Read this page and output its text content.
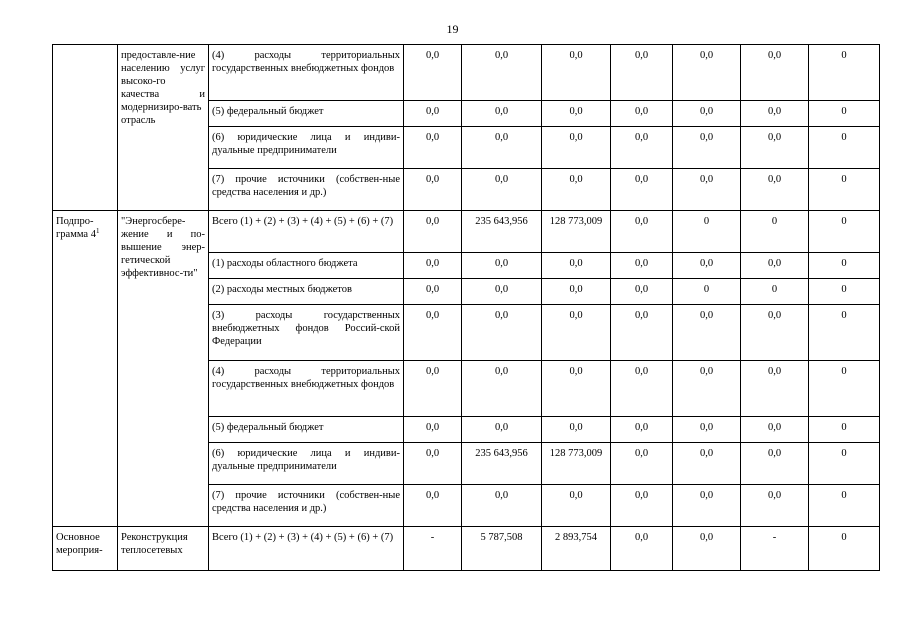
19
	предоставле-ние населению услуг высоко-го качества и модернизиро-вать отрасль	(4) расходы территориальных государственных внебюджетных фондов	0,0	0,0	0,0	0,0	0,0	0,0	0
		(5) федеральный бюджет	0,0	0,0	0,0	0,0	0,0	0,0	0
		(6) юридические лица и индиви-дуальные предприниматели	0,0	0,0	0,0	0,0	0,0	0,0	0
		(7) прочие источники (собствен-ные средства населения и др.)	0,0	0,0	0,0	0,0	0,0	0,0	0
Подпро-грамма $4^1$	"Энергосбере-жение и по-вышение энер-гетической эффективнос-ти"	Всего (1) + (2) + (3) + (4) + (5) + (6) + (7)	0,0	235 643,956	128 773,009	0,0	0	0	0
		(1) расходы областного бюджета	0,0	0,0	0,0	0,0	0,0	0,0	0
		(2) расходы местных бюджетов	0,0	0,0	0,0	0,0	0	0	0
		(3) расходы государственных внебюджетных фондов Россий-ской Федерации	0,0	0,0	0,0	0,0	0,0	0,0	0
		(4) расходы территориальных государственных внебюджетных фондов	0,0	0,0	0,0	0,0	0,0	0,0	0
		(5) федеральный бюджет	0,0	0,0	0,0	0,0	0,0	0,0	0
		(6) юридические лица и индиви-дуальные предприниматели	0,0	235 643,956	128 773,009	0,0	0,0	0,0	0
		(7) прочие источники (собствен-ные средства населения и др.)	0,0	0,0	0,0	0,0	0,0	0,0	0
Основное мероприя-	Реконструкция теплосетевых	Всего (1) + (2) + (3) + (4) + (5) + (6) + (7)	-	5 787,508	2 893,754	0,0	0,0	-	0
